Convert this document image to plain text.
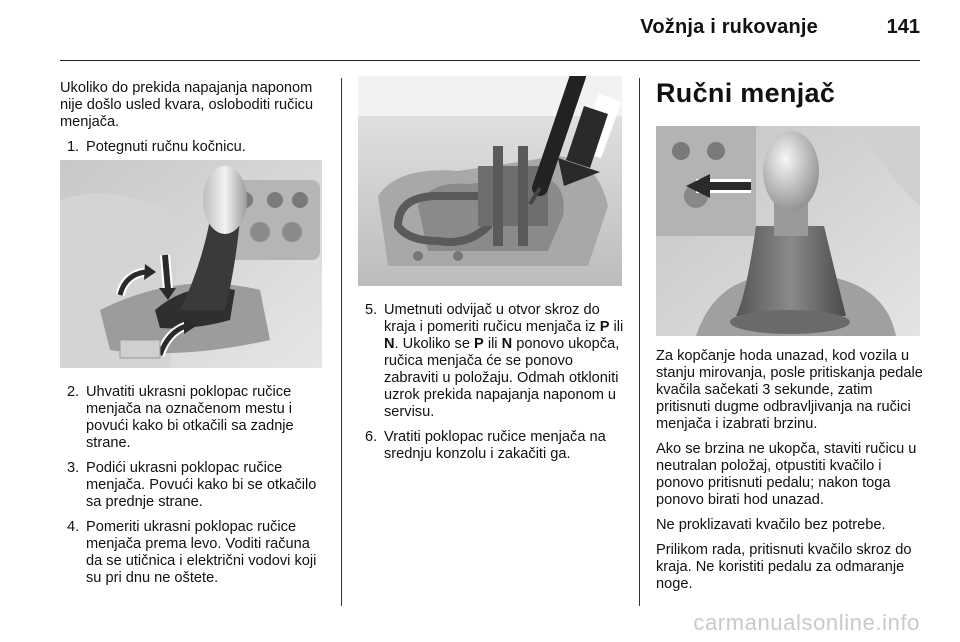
Vožnja i rukovanje	141

Ukoliko do prekida napajanja naponom nije došlo usled kvara, osloboditi ručicu menjača.

1. Potegnuti ručnu kočnicu.
2. Uhvatiti ukrasni poklopac ručice menjača na označenom mestu i povući kako bi otkačili sa zadnje strane.
3. Podići ukrasni poklopac ručice menjača. Povući kako bi se otkačilo sa prednje strane.
4. Pomeriti ukrasni poklopac ručice menjača prema levo. Voditi računa da se utičnica i električni vodovi koji su pri dnu ne oštete.
5. Umetnuti odvijač u otvor skroz do kraja i pomeriti ručicu menjača iz P ili N. Ukoliko se P ili N ponovo ukopča, ručica menjača će se ponovo zabraviti u položaju. Odmah otkloniti uzrok prekida napajanja naponom u servisu.
6. Vratiti poklopac ručice menjača na srednju konzolu i zakačiti ga.
Ručni menjač

Za kopčanje hoda unazad, kod vozila u stanju mirovanja, posle pritiskanja pedale kvačila sačekati 3 sekunde, zatim pritisnuti dugme odbravljivanja na ručici menjača i izabrati brzinu.

Ako se brzina ne ukopča, staviti ručicu u neutralan položaj, otpustiti kvačilo i ponovo pritisnuti pedalu; nakon toga ponovo birati hod unazad.

Ne proklizavati kvačilo bez potrebe.

Prilikom rada, pritisnuti kvačilo skroz do kraja. Ne koristiti pedalu za odmaranje noge.

carmanualsonline.info
